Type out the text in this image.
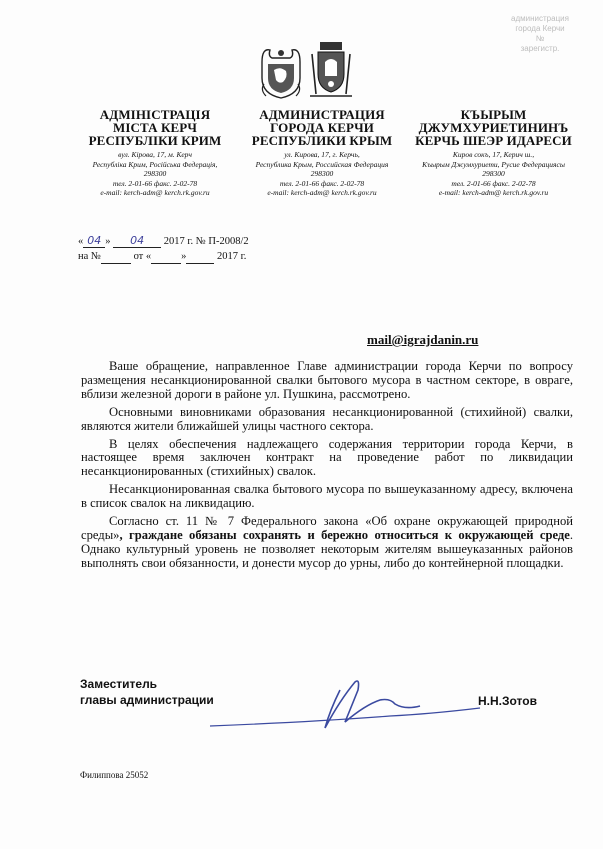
администрация
города Керчи
№
зарегистр.
АДМІНІСТРАЦІЯ
МІСТА КЕРЧ
РЕСПУБЛІКИ КРИМ
вул. Кірова, 17, м. Керч
Республіка Крим, Російська Федерація,
298300
тел. 2-01-66 факс. 2-02-78
e-mail: kerch-adm@ kerch.rk.gov.ru
АДМИНИСТРАЦИЯ
ГОРОДА КЕРЧИ
РЕСПУБЛИКИ КРЫМ
ул. Кирова, 17, г. Керчь,
Республика Крым, Российская Федерация
298300
тел. 2-01-66 факс. 2-02-78
e-mail: kerch-adm@ kerch.rk.gov.ru
КЪЫРЫМ
ДЖУМХУРИЕТИНИНЪ
КЕРЧЬ ШЕЭР ИДАРЕСИ
Киров сокъ, 17, Керич ш.,
Къырым Джумхуриети, Русие Федерациясы
298300
тел. 2-01-66 факс. 2-02-78
e-mail: kerch-adm@ kerch.rk.gov.ru
« 04 » 04 2017 г. № П-2008/2
на №	от «	»	2017 г.
mail@igrajdanin.ru

Ваше обращение, направленное Главе администрации города Керчи по вопросу размещения несанкционированной свалки бытового мусора в частном секторе, в овраге, вблизи железной дороги в районе ул. Пушкина, рассмотрено.

Основными виновниками образования несанкционированной (стихийной) свалки, являются жители ближайшей улицы частного сектора.

В целях обеспечения надлежащего содержания территории города Керчи, в настоящее время заключен контракт на проведение работ по ликвидации несанкционированных (стихийных) свалок.

Несанкционированная свалка бытового мусора по вышеуказанному адресу, включена в список свалок на ликвидацию.

Согласно ст. 11 № 7 Федерального закона «Об охране окружающей природной среды», граждане обязаны сохранять и бережно относиться к окружающей среде. Однако культурный уровень не позволяет некоторым жителям вышеуказанных районов выполнять свои обязанности, и донести мусор до урны, либо до контейнерной площадки.

Заместитель
главы администрации	Н.Н.Зотов
Филиппова 25052
